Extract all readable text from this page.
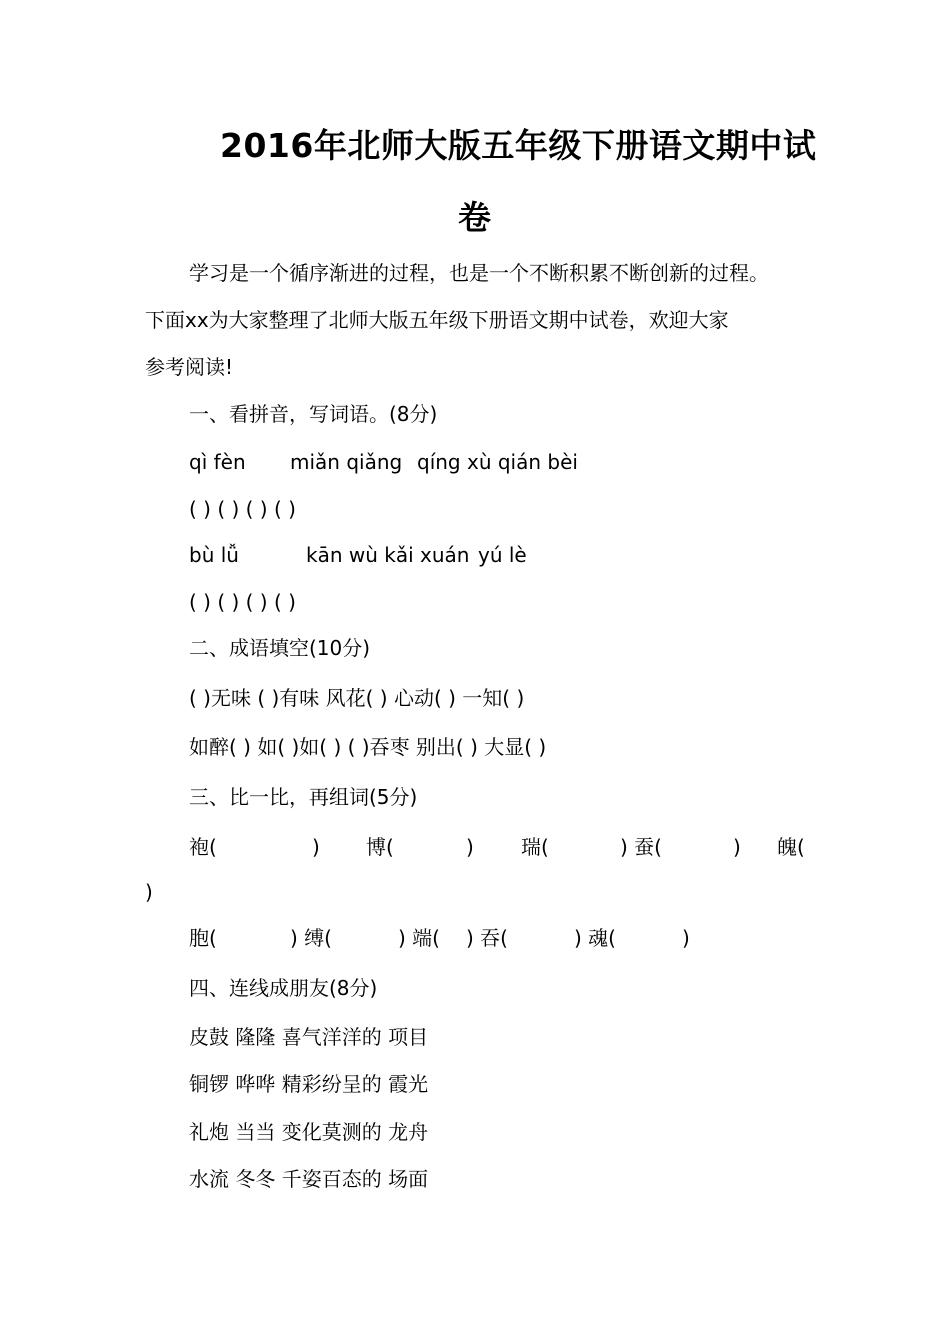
2016年北师大版五年级下册语文期中试
卷
学习是一个循序渐进的过程，也是一个不断积累不断创新的过程。
下面xx为大家整理了北师大版五年级下册语文期中试卷，欢迎大家
参考阅读!
一、看拼音，写词语。(8分)
qì fèn miǎn qiǎng qíng xù qián bèi
( ) ( ) ( ) ( )
bù lǚ	kān wù kǎi xuán yú lè
( ) ( ) ( ) ( )
二、成语填空(10分)
( )无味 ( )有味 风花( ) 心动( ) 一知( )
如醉( ) 如( )如( ) ( )吞枣 别出( ) 大显( )
三、比一比，再组词(5分)
袍(	) 博(	) 瑞(	) 蚕(	) 魄(
)
胞(	) 缚(	) 端( ) 吞(	) 魂(	)
四、连线成朋友(8分)
皮鼓 隆隆 喜气洋洋的 项目
铜锣 哗哗 精彩纷呈的 霞光
礼炮 当当 变化莫测的 龙舟
水流 冬冬 千姿百态的 场面
